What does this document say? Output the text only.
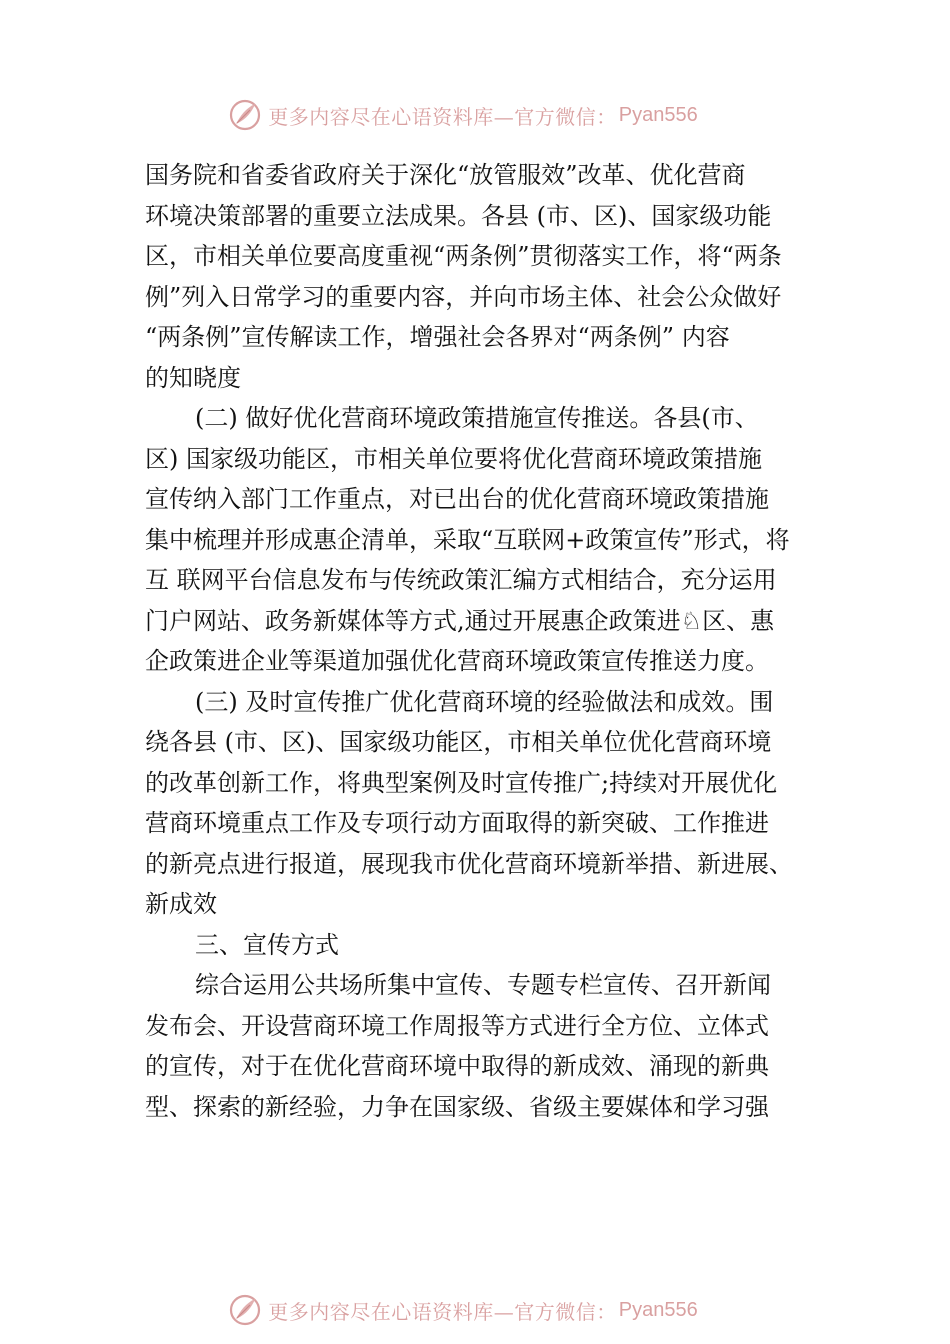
更多内容尽在心语资料库—官方微信： Pyan556
国务院和省委省政府关于深化“放管服效”改革、优化营商
环境决策部署的重要立法成果。各县 (市、区)、国家级功能
区，市相关单位要高度重视“两条例”贯彻落实工作，将“两条
例”列入日常学习的重要内容，并向市场主体、社会公众做好
“两条例”宣传解读工作，增强社会各界对“两条例” 内容
的知晓度
(二) 做好优化营商环境政策措施宣传推送。各县(市、
区) 国家级功能区，市相关单位要将优化营商环境政策措施
宣传纳入部门工作重点，对已出台的优化营商环境政策措施
集中梳理并形成惠企清单，采取“互联网+政策宣传”形式，将
互 联网平台信息发布与传统政策汇编方式相结合，充分运用
门户网站、政务新媒体等方式,通过开展惠企政策进♘区、惠
企政策进企业等渠道加强优化营商环境政策宣传推送力度。
(三) 及时宣传推广优化营商环境的经验做法和成效。围
绕各县 (市、区)、国家级功能区，市相关单位优化营商环境
的改革创新工作，将典型案例及时宣传推广;持续对开展优化
营商环境重点工作及专项行动方面取得的新突破、工作推进
的新亮点进行报道，展现我市优化营商环境新举措、新进展、
新成效
三、宣传方式
综合运用公共场所集中宣传、专题专栏宣传、召开新闻
发布会、开设营商环境工作周报等方式进行全方位、立体式
的宣传，对于在优化营商环境中取得的新成效、涌现的新典
型、探索的新经验，力争在国家级、省级主要媒体和学习强
更多内容尽在心语资料库—官方微信： Pyan556
